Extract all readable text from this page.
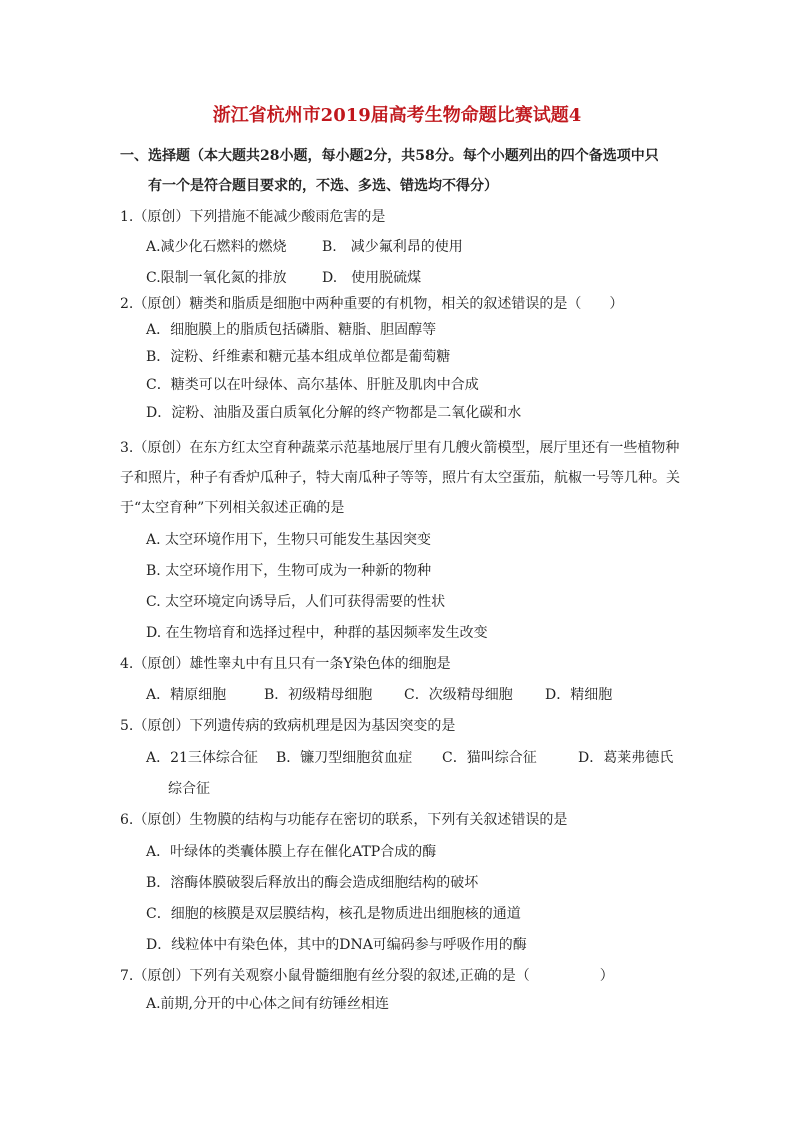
浙江省杭州市2019届高考生物命题比赛试题4
一、选择题（本大题共28小题，每小题2分，共58分。每个小题列出的四个备选项中只
有一个是符合题目要求的，不选、多选、错选均不得分）
1.（原创）下列措施不能减少酸雨危害的是
A.减少化石燃料的燃烧	B.　减少氟利昂的使用
C.限制一氧化氮的排放	D.　使用脱硫煤
2.（原创）糖类和脂质是细胞中两种重要的有机物，相关的叙述错误的是（　　）
A．细胞膜上的脂质包括磷脂、糖脂、胆固醇等
B．淀粉、纤维素和糖元基本组成单位都是葡萄糖
C．糖类可以在叶绿体、高尔基体、肝脏及肌肉中合成
D．淀粉、油脂及蛋白质氧化分解的终产物都是二氧化碳和水
3.（原创）在东方红太空育种蔬菜示范基地展厅里有几艘火箭模型，展厅里还有一些植物种
子和照片，种子有香炉瓜种子，特大南瓜种子等等，照片有太空蛋茄，航椒一号等几种。关
于“太空育种”下列相关叙述正确的是
A. 太空环境作用下，生物只可能发生基因突变
B. 太空环境作用下，生物可成为一种新的物种
C. 太空环境定向诱导后，人们可获得需要的性状
D. 在生物培育和选择过程中，种群的基因频率发生改变
4.（原创）雄性睾丸中有且只有一条Y染色体的细胞是
A．精原细胞	B．初级精母细胞 C．次级精母细胞 D．精细胞
5.（原创）下列遗传病的致病机理是因为基因突变的是
A．21三体综合征 B．镰刀型细胞贫血症 C．猫叫综合征	D．葛莱弗德氏
综合征
6.（原创）生物膜的结构与功能存在密切的联系，下列有关叙述错误的是
A．叶绿体的类囊体膜上存在催化ATP合成的酶
B．溶酶体膜破裂后释放出的酶会造成细胞结构的破坏
C．细胞的核膜是双层膜结构，核孔是物质进出细胞核的通道
D．线粒体中有染色体，其中的DNA可编码参与呼吸作用的酶
7.（原创）下列有关观察小鼠骨髓细胞有丝分裂的叙述,正确的是（　　　　　）
A.前期,分开的中心体之间有纺锤丝相连
